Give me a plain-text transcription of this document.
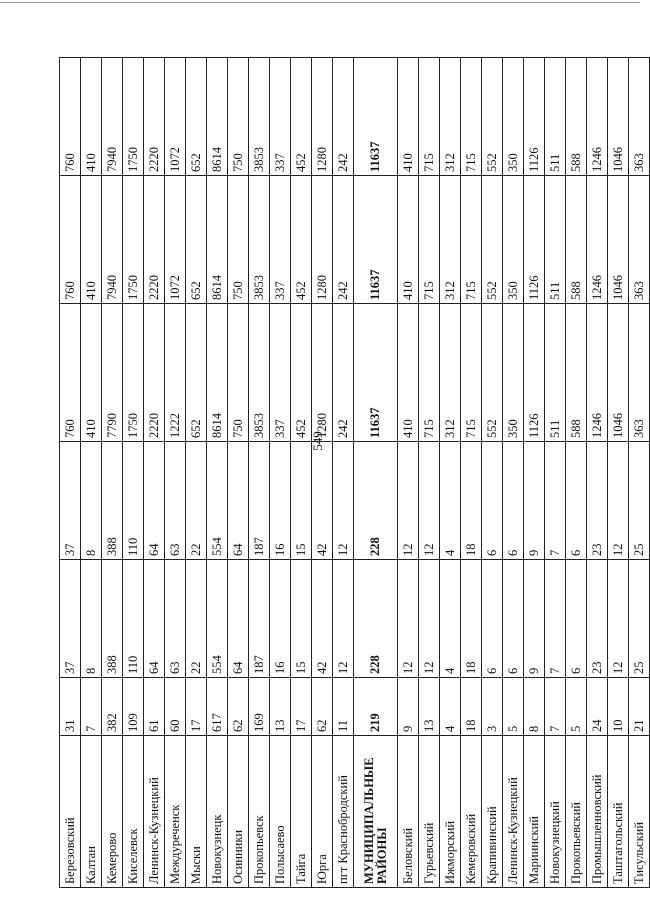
549
Березовский	31	37	37	760	760	760
Калтан	7	8	8	410	410	410
Кемерово	382	388	388	7790	7940	7940
Киселевск	109	110	110	1750	1750	1750
Ленинск-Кузнецкий	61	64	64	2220	2220	2220
Междуреченск	60	63	63	1222	1072	1072
Мыски	17	22	22	652	652	652
Новокузнецк	617	554	554	8614	8614	8614
Осинники	62	64	64	750	750	750
Прокопьевск	169	187	187	3853	3853	3853
Полысаево	13	16	16	337	337	337
Тайга	17	15	15	452	452	452
Юрга	62	42	42	1280	1280	1280
пгт Краснобродский	11	12	12	242	242	242
МУНИЦИПАЛЬНЫЕ РАЙОНЫ	219	228	228	11637	11637	11637
Беловский	9	12	12	410	410	410
Гурьевский	13	12	12	715	715	715
Ижморский	4	4	4	312	312	312
Кемеровский	18	18	18	715	715	715
Крапивинский	3	6	6	552	552	552
Ленинск-Кузнецкий	5	6	6	350	350	350
Мариинский	8	9	9	1126	1126	1126
Новокузнецкий	7	7	7	511	511	511
Прокопьевский	5	6	6	588	588	588
Промышленновский	24	23	23	1246	1246	1246
Таштагольский	10	12	12	1046	1046	1046
Тисульский	21	25	25	363	363	363
